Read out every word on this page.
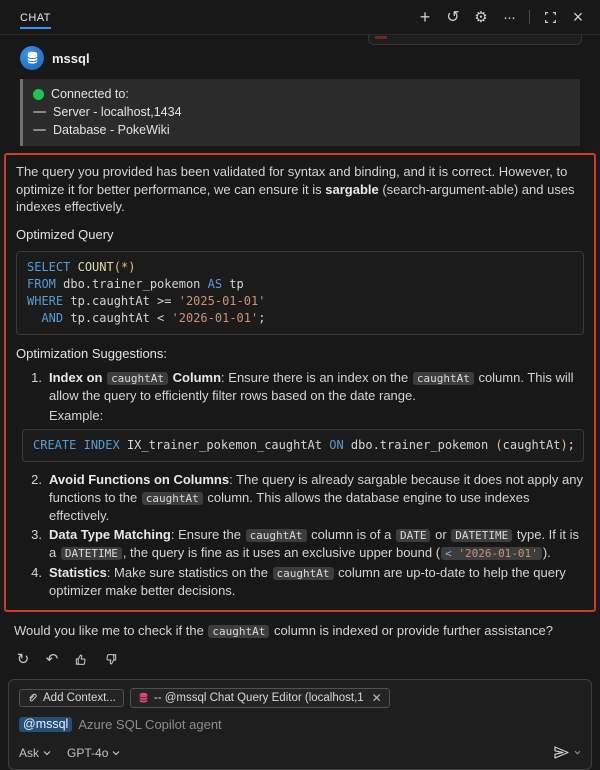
CHAT	+	↺ ⚙	···	×
mssql
Connected to:
Server - localhost,1434
Database - PokeWiki

The query you provided has been validated for syntax and binding, and it is correct. However, to optimize it for better performance, we can ensure it is sargable (search-argument-able) and uses indexes effectively.

Optimized Query
SELECT COUNT(*)
FROM dbo.trainer_pokemon AS tp
WHERE tp.caughtAt >= '2025-01-01'
AND tp.caughtAt < '2026-01-01';
Optimization Suggestions:
1. Index on caughtAt Column: Ensure there is an index on the caughtAt column. This will allow the query to efficiently filter rows based on the date range.
Example:
CREATE INDEX IX_trainer_pokemon_caughtAt ON dbo.trainer_pokemon (caughtAt);
2. Avoid Functions on Columns: The query is already sargable because it does not apply any functions to the caughtAt column. This allows the database engine to use indexes effectively.
3. Data Type Matching: Ensure the caughtAt column is of a DATE or DATETIME type. If it is a DATETIME , the query is fine as it uses an exclusive upper bound ( < '2026-01-01' ).
4. Statistics: Make sure statistics on the caughtAt column are up-to-date to help the query optimizer make better decisions.
Would you like me to check if the caughtAt column is indexed or provide further assistance?
↻ ↶
Add Context...	-- @mssql Chat Query Editor (localhost,1 ✕
@mssql Azure SQL Copilot agent
Ask GPT-4o
